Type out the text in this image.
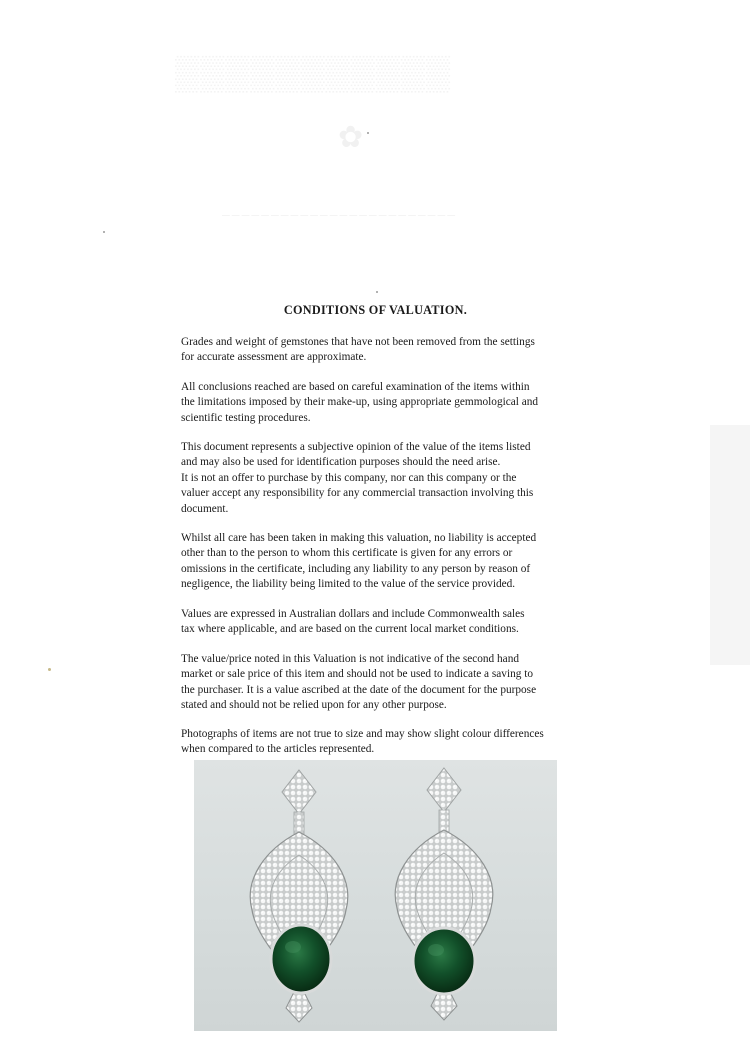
✿
────────────────────────
CONDITIONS OF VALUATION.

Grades and weight of gemstones that have not been removed from the settings
for accurate assessment are approximate.

All conclusions reached are based on careful examination of the items within
the limitations imposed by their make-up, using appropriate gemmological and
scientific testing procedures.

This document represents a subjective opinion of the value of the items listed
and may also be used for identification purposes should the need arise.
It is not an offer to purchase by this company, nor can this company or the
valuer accept any responsibility for any commercial transaction involving this
document.

Whilst all care has been taken in making this valuation, no liability is accepted
other than to the person to whom this certificate is given for any errors or
omissions in the certificate, including any liability to any person by reason of
negligence, the liability being limited to the value of the service provided.

Values are expressed in Australian dollars and include Commonwealth sales
tax where applicable, and are based on the current local market conditions.

The value/price noted in this Valuation is not indicative of the second hand
market or sale price of this item and should not be used to indicate a saving to
the purchaser. It is a value ascribed at the date of the document for the purpose
stated and should not be relied upon for any other purpose.

Photographs of items are not true to size and may show slight colour differences
when compared to the articles represented.
